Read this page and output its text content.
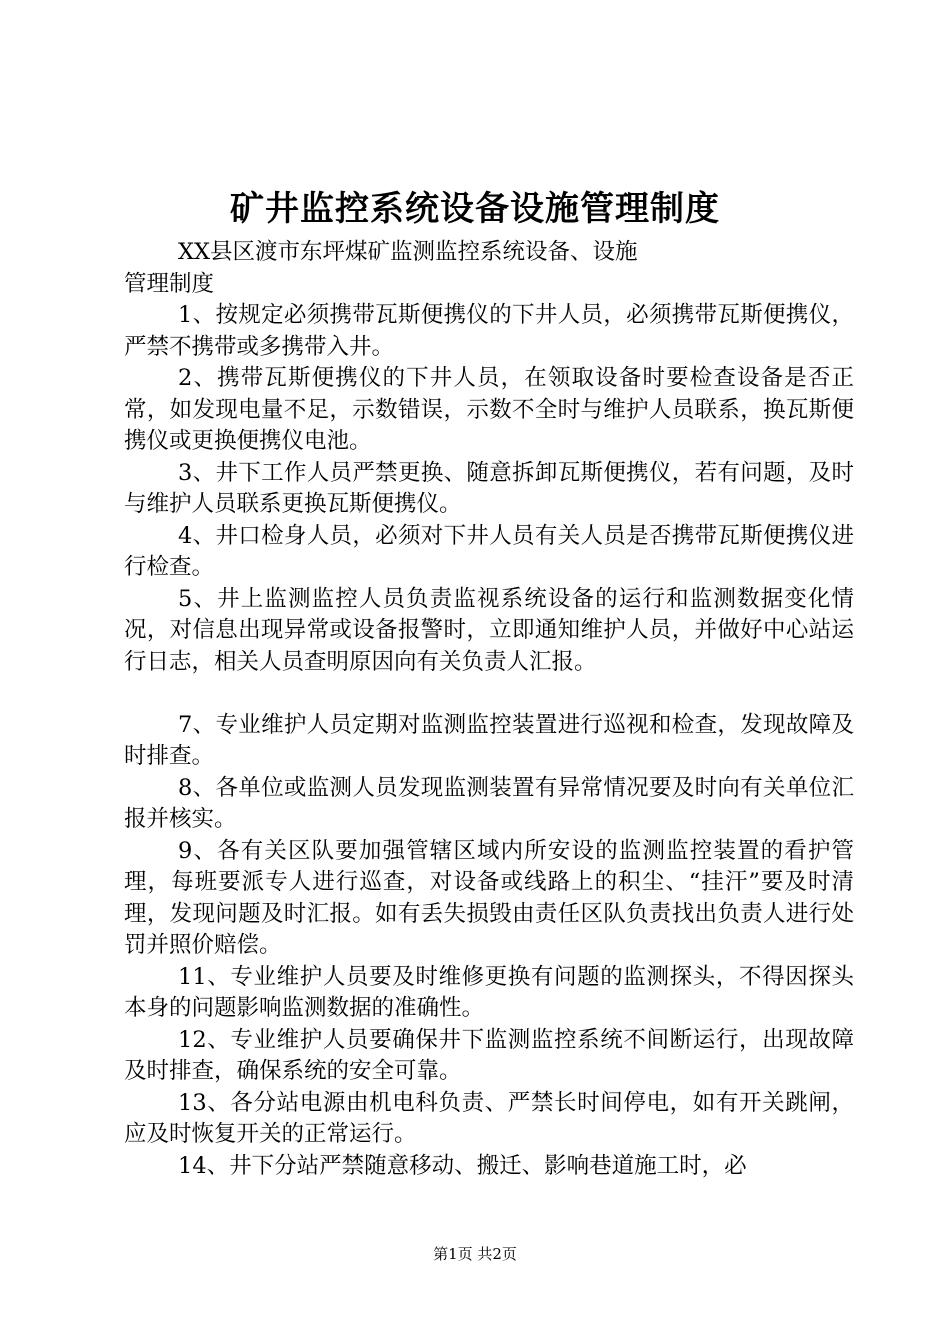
矿井监控系统设备设施管理制度

XX县区渡市东坪煤矿监测监控系统设备、设施

管理制度

1、按规定必须携带瓦斯便携仪的下井人员，必须携带瓦斯便携仪，严禁不携带或多携带入井。

2、携带瓦斯便携仪的下井人员，在领取设备时要检查设备是否正常，如发现电量不足，示数错误，示数不全时与维护人员联系，换瓦斯便携仪或更换便携仪电池。

3、井下工作人员严禁更换、随意拆卸瓦斯便携仪，若有问题，及时与维护人员联系更换瓦斯便携仪。

4、井口检身人员，必须对下井人员有关人员是否携带瓦斯便携仪进行检查。

5、井上监测监控人员负责监视系统设备的运行和监测数据变化情况，对信息出现异常或设备报警时，立即通知维护人员，并做好中心站运行日志，相关人员查明原因向有关负责人汇报。

7、专业维护人员定期对监测监控装置进行巡视和检查，发现故障及时排查。

8、各单位或监测人员发现监测装置有异常情况要及时向有关单位汇报并核实。

9、各有关区队要加强管辖区域内所安设的监测监控装置的看护管理，每班要派专人进行巡查，对设备或线路上的积尘、“挂汗”要及时清理，发现问题及时汇报。如有丢失损毁由责任区队负责找出负责人进行处罚并照价赔偿。

11、专业维护人员要及时维修更换有问题的监测探头，不得因探头本身的问题影响监测数据的准确性。

12、专业维护人员要确保井下监测监控系统不间断运行，出现故障及时排查，确保系统的安全可靠。

13、各分站电源由机电科负责、严禁长时间停电，如有开关跳闸，应及时恢复开关的正常运行。

14、井下分站严禁随意移动、搬迁、影响巷道施工时，必

第1页 共2页
